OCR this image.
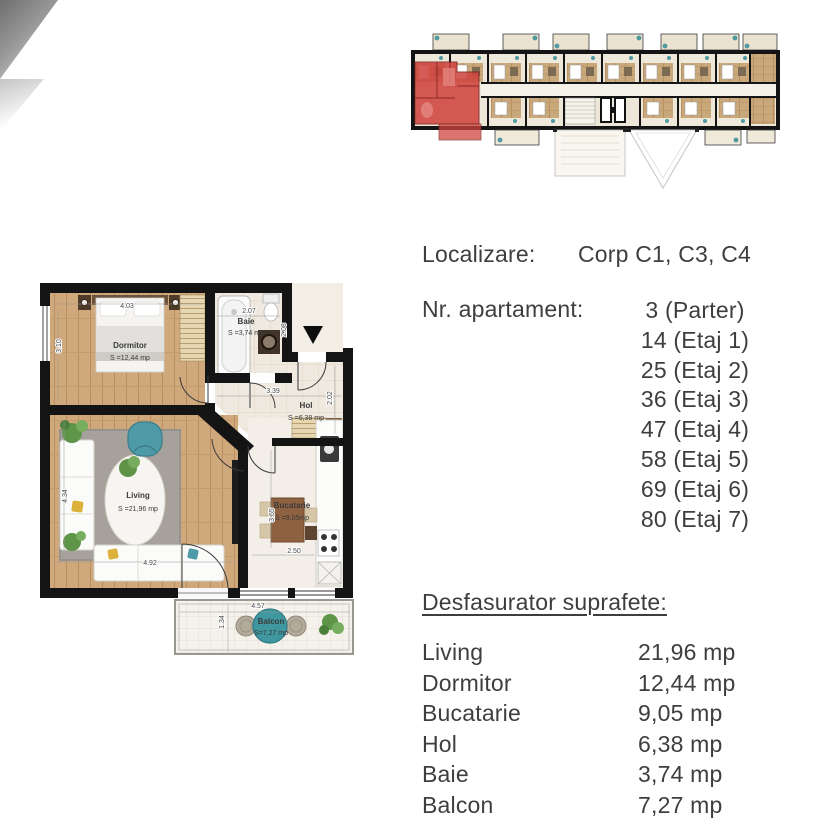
Dormitor
S =12,44 mp
Baie
S =3,74 mp
Hol
S =6,38 mp
Living
S =21,96 mp	Bucatarie
S =9,05mp
Balcon
S=7,27 mp
4.03
3.10
2.07
2.08
3.39	2.02
4.92
4.34
2.50
3.65
4.57
1.34
Localizare: Corp C1, C3, C4
Nr. apartament:	3 (Parter)
14 (Etaj 1)
25 (Etaj 2)
36 (Etaj 3)
47 (Etaj 4)
58 (Etaj 5)
69 (Etaj 6)
80 (Etaj 7)
Desfasurator suprafete:
Living	21,96 mp
Dormitor	12,44 mp
Bucatarie	9,05 mp
Hol	6,38 mp
Baie	3,74 mp
Balcon	7,27 mp
